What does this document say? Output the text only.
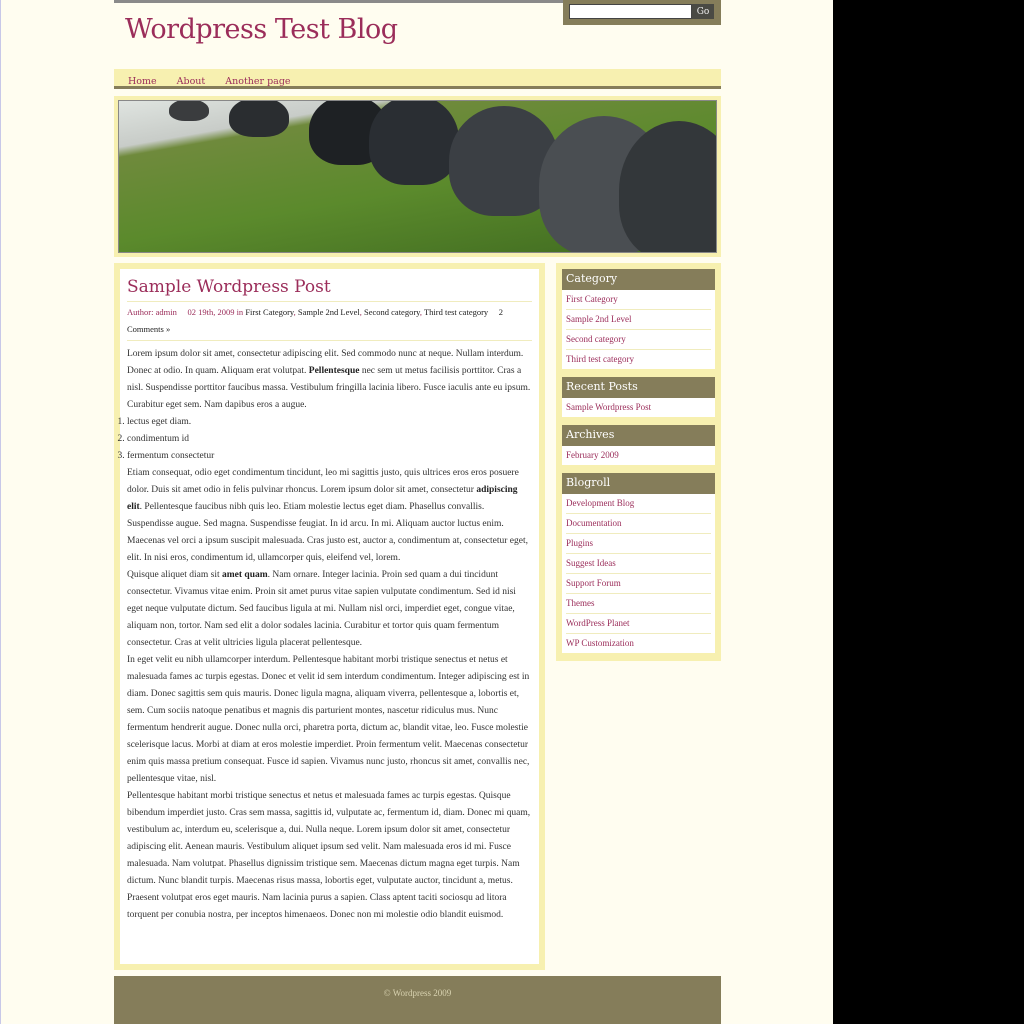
Go
Wordpress Test Blog
Home About Another page
Sample Wordpress Post
Author: admin 02 19th, 2009 in First Category, Sample 2nd Level, Second category, Third test category 2 Comments »

Lorem ipsum dolor sit amet, consectetur adipiscing elit. Sed commodo nunc at neque. Nullam interdum. Donec at odio. In quam. Aliquam erat volutpat. Pellentesque nec sem ut metus facilisis porttitor. Cras a nisl. Suspendisse porttitor faucibus massa. Vestibulum fringilla lacinia libero. Fusce iaculis ante eu ipsum. Curabitur eget sem. Nam dapibus eros a augue.

1. lectus eget diam.
2. condimentum id
3. fermentum consectetur

Etiam consequat, odio eget condimentum tincidunt, leo mi sagittis justo, quis ultrices eros eros posuere dolor. Duis sit amet odio in felis pulvinar rhoncus. Lorem ipsum dolor sit amet, consectetur adipiscing elit. Pellentesque faucibus nibh quis leo. Etiam molestie lectus eget diam. Phasellus convallis. Suspendisse augue. Sed magna. Suspendisse feugiat. In id arcu. In mi. Aliquam auctor luctus enim. Maecenas vel orci a ipsum suscipit malesuada. Cras justo est, auctor a, condimentum at, consectetur eget, elit. In nisi eros, condimentum id, ullamcorper quis, eleifend vel, lorem.

Quisque aliquet diam sit amet quam. Nam ornare. Integer lacinia. Proin sed quam a dui tincidunt consectetur. Vivamus vitae enim. Proin sit amet purus vitae sapien vulputate condimentum. Sed id nisi eget neque vulputate dictum. Sed faucibus ligula at mi. Nullam nisl orci, imperdiet eget, congue vitae, aliquam non, tortor. Nam sed elit a dolor sodales lacinia. Curabitur et tortor quis quam fermentum consectetur. Cras at velit ultricies ligula placerat pellentesque.

In eget velit eu nibh ullamcorper interdum. Pellentesque habitant morbi tristique senectus et netus et malesuada fames ac turpis egestas. Donec et velit id sem interdum condimentum. Integer adipiscing est in diam. Donec sagittis sem quis mauris. Donec ligula magna, aliquam viverra, pellentesque a, lobortis et, sem. Cum sociis natoque penatibus et magnis dis parturient montes, nascetur ridiculus mus. Nunc fermentum hendrerit augue. Donec nulla orci, pharetra porta, dictum ac, blandit vitae, leo. Fusce molestie scelerisque lacus. Morbi at diam at eros molestie imperdiet. Proin fermentum velit. Maecenas consectetur enim quis massa pretium consequat. Fusce id sapien. Vivamus nunc justo, rhoncus sit amet, convallis nec, pellentesque vitae, nisl.

Pellentesque habitant morbi tristique senectus et netus et malesuada fames ac turpis egestas. Quisque bibendum imperdiet justo. Cras sem massa, sagittis id, vulputate ac, fermentum id, diam. Donec mi quam, vestibulum ac, interdum eu, scelerisque a, dui. Nulla neque. Lorem ipsum dolor sit amet, consectetur adipiscing elit. Aenean mauris. Vestibulum aliquet ipsum sed velit. Nam malesuada eros id mi. Fusce malesuada. Nam volutpat. Phasellus dignissim tristique sem. Maecenas dictum magna eget turpis. Nam dictum. Nunc blandit turpis. Maecenas risus massa, lobortis eget, vulputate auctor, tincidunt a, metus. Praesent volutpat eros eget mauris. Nam lacinia purus a sapien. Class aptent taciti sociosqu ad litora torquent per conubia nostra, per inceptos himenaeos. Donec non mi molestie odio blandit euismod.

Category
First Category
Sample 2nd Level
Second category
Third test category
Recent Posts
Sample Wordpress Post
Archives
February 2009
Blogroll
Development Blog
Documentation
Plugins
Suggest Ideas
Support Forum
Themes
WordPress Planet
WP Customization
© Wordpress 2009
